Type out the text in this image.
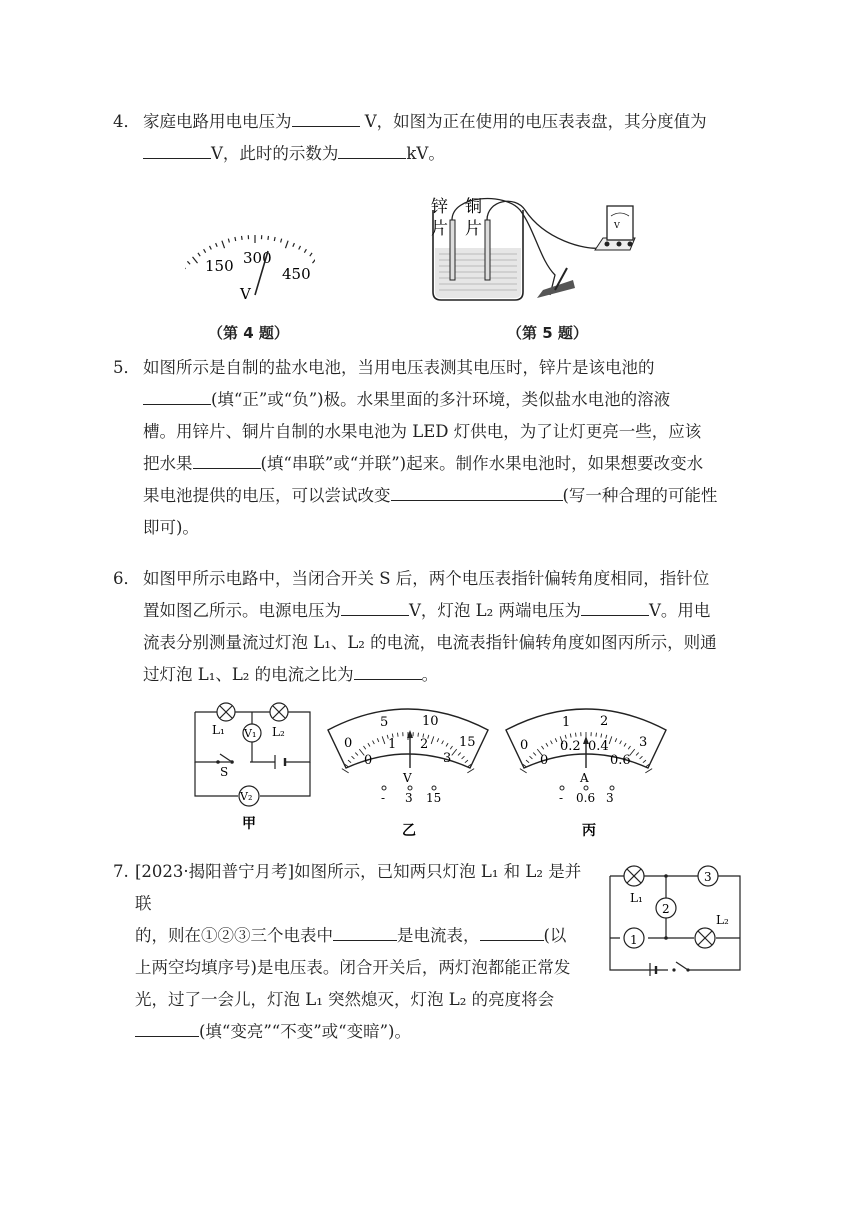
4． 家庭电路用电电压为	V，如图为正在使用的电压表表盘，其分度值为
V，此时的示数为	kV。
150 300
450
V
（第 4 题）
锌
片
铜
片	V
（第 5 题）
5． 如图所示是自制的盐水电池，当用电压表测其电压时，锌片是该电池的
(填“正”或“负”)极。水果里面的多汁环境，类似盐水电池的溶液
槽。用锌片、铜片自制的水果电池为 LED 灯供电，为了让灯更亮一些，应该
把水果	(填“串联”或“并联”)起来。制作水果电池时，如果想要改变水
果电池提供的电压，可以尝试改变	(写一种合理的可能性
即可)。
6． 如图甲所示电路中，当闭合开关 S 后，两个电压表指针偏转角度相同，指针位
置如图乙所示。电源电压为	V，灯泡 L₂ 两端电压为	V。用电
流表分别测量流过灯泡 L₁、L₂ 的电流，电流表指针偏转角度如图丙所示，则通
过灯泡 L₁、L₂ 的电流之比为	。
L₁	L₂
V₁
V₂
S
甲
0
5	10
15
0
1 2
3
V
- 3 15
乙
0
1 2
3
0
0.2 0.4
0.6
A
- 0.6 3
丙
7. [2023·揭阳普宁月考]如图所示，已知两只灯泡 L₁ 和 L₂ 是并联
的，则在①②③三个电表中	是电流表，	(以
上两空均填序号)是电压表。闭合开关后，两灯泡都能正常发
光，过了一会儿，灯泡 L₁ 突然熄灭，灯泡 L₂ 的亮度将会
(填“变亮”“不变”或“变暗”)。
1
2
3
L₁
L₂
